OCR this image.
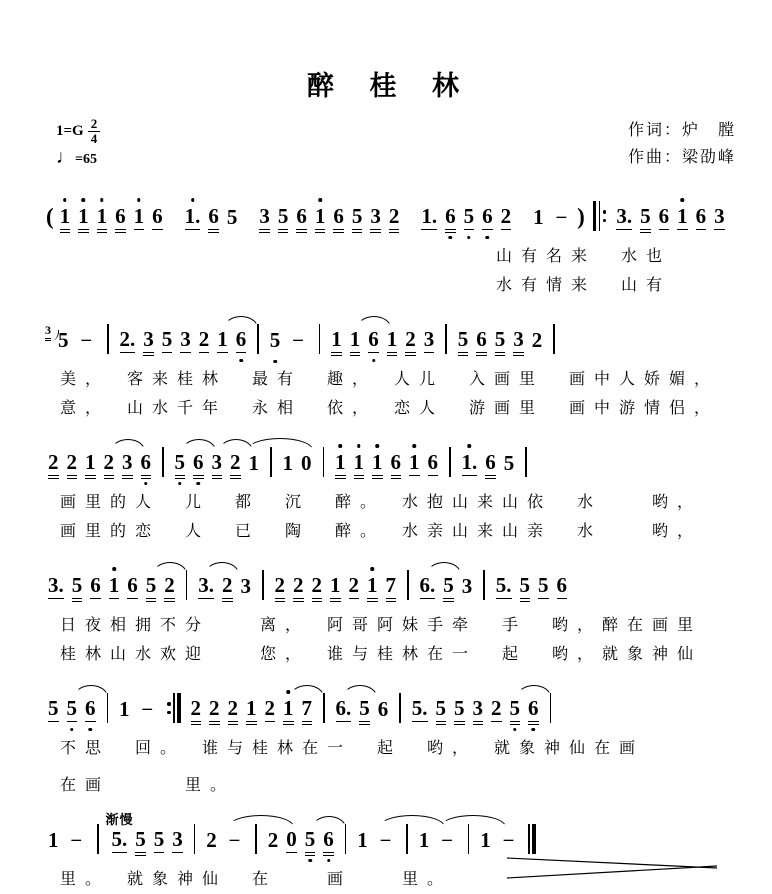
醉 桂 林
$1=G \frac{2}{4}$
♩=65
作词：炉　膛
作曲：梁劭峰
( 1 1 1 6 1 6 1. 6 5 3 5 6 1 6 5 3 2 1. 6 5 6 2 1 – ) 3. 5 6 1 6 3
山有名来　水也
水有情来　山有
3 5 – 2. 3 5 3 2 1 6 5 – 1 1 6 1 2 3 5 6 5 3 2
美，　客来桂林　最有　趣，　人儿　入画里　画中人娇媚，
意，　山水千年　永相　依，　恋人　游画里　画中游情侣，
2 2 1 2 3 6 5 6 3 2 1 1 0 1 1 1 6 1 6 1. 6 5
画里的人　儿　都　沉　醉。　水抱山来山依　水　　哟，
画里的恋　人　已　陶　醉。　水亲山来山亲　水　　哟，
3. 5 6 1 6 5 2 3. 2 3 2 2 2 1 2 1 7 6. 5 3 5. 5 5 6
日夜相拥不分　　离，　阿哥阿妹手牵　手　哟，醉在画里
桂林山水欢迎　　您，　谁与桂林在一　起　哟，就象神仙
5 5 6 1 – 2 2 2 1 2 1 7 6. 5 6 5. 5 5 3 2 5 6
不思　回。　谁与桂林在一　起　哟，　就象神仙在画
在画　　　里。
1 –
渐慢
5. 5 5 3 2 – 2 0 5 6 1 – 1 – 1 –
里。　就象神仙　在　　画　　里。
